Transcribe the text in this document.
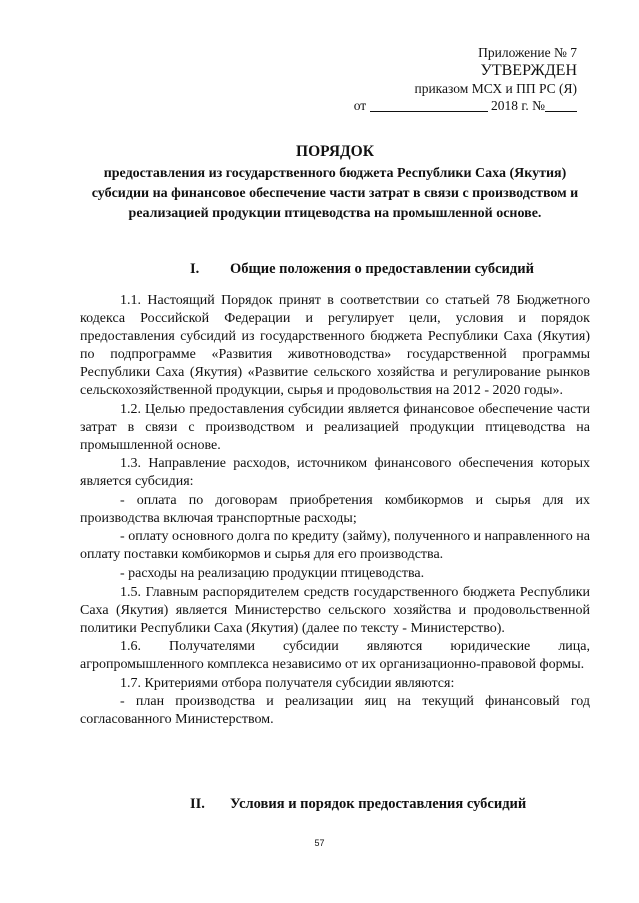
Приложение № 7
УТВЕРЖДЕН
приказом МСХ и ПП РС (Я)
от	2018 г. №
ПОРЯДОК
предоставления из государственного бюджета Республики Саха (Якутия) субсидии на финансовое обеспечение части затрат в связи с производством и реализацией продукции птицеводства на промышленной основе.
I. Общие положения о предоставлении субсидий

1.1. Настоящий Порядок принят в соответствии со статьей 78 Бюджетного кодекса Российской Федерации и регулирует цели, условия и порядок предоставления субсидий из государственного бюджета Республики Саха (Якутия) по подпрограмме «Развития животноводства» государственной программы Республики Саха (Якутия) «Развитие сельского хозяйства и регулирование рынков сельскохозяйственной продукции, сырья и продовольствия на 2012 - 2020 годы».

1.2. Целью предоставления субсидии является финансовое обеспечение части затрат в связи с производством и реализацией продукции птицеводства на промышленной основе.

1.3. Направление расходов, источником финансового обеспечения которых является субсидия:

- оплата по договорам приобретения комбикормов и сырья для их производства включая транспортные расходы;

- оплату основного долга по кредиту (займу), полученного и направленного на оплату поставки комбикормов и сырья для его производства.

- расходы на реализацию продукции птицеводства.

1.5. Главным распорядителем средств государственного бюджета Республики Саха (Якутия) является Министерство сельского хозяйства и продовольственной политики Республики Саха (Якутия) (далее по тексту - Министерство).

1.6. Получателями субсидии являются юридические лица, агропромышленного комплекса независимо от их организационно-правовой формы.

1.7. Критериями отбора получателя субсидии являются:

- план производства и реализации яиц на текущий финансовый год согласованного Министерством.

II. Условия и порядок предоставления субсидий
57
